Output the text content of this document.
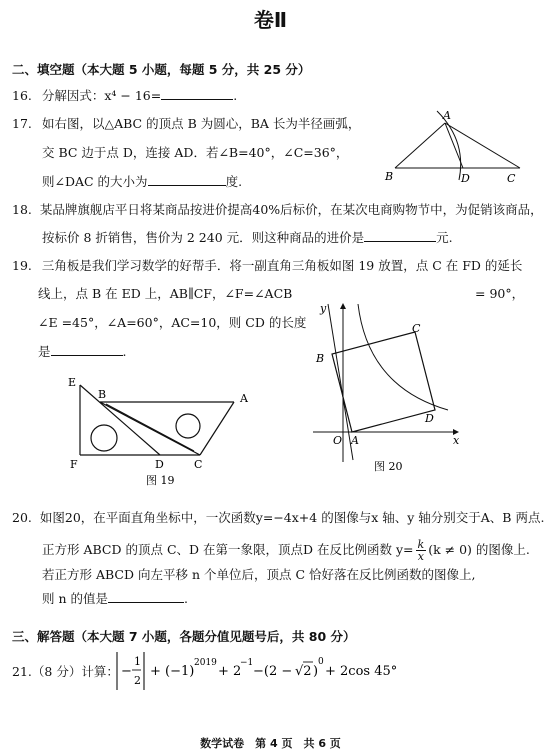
卷Ⅱ
二、填空题（本大题 5 小题，每题 5 分，共 25 分）
16. 分解因式：x⁴ − 16=	.
17. 如右图，以△ABC 的顶点 B 为圆心，BA 长为半径画弧，
交 BC 边于点 D，连接 AD．若∠B=40°，∠C=36°，
则∠DAC 的大小为	度.
A
B	D	C
18. 某品牌旗舰店平日将某商品按进价提高40%后标价，在某次电商购物节中，为促销该商品，
按标价 8 折销售，售价为 2 240 元．则这种商品的进价是	元.
19. 三角板是我们学习数学的好帮手．将一副直角三角板如图 19 放置，点 C 在 FD 的延长
线上，点 B 在 ED 上，AB∥CF，∠F=∠ACB	= 90°，
∠E =45°，∠A=60°，AC=10，则 CD 的长度
是	.
E
B	A
F	D	C
图 19
y
x
O A
B
C
D
图 20
20. 如图20，在平面直角坐标中，一次函数y=−4x+4 的图像与x 轴、y 轴分别交于A、B 两点.
正方形 ABCD 的顶点 C、D 在第一象限，顶点D 在反比例函数 $y= \frac{k}{x} (k \ne 0)$ 的图像上.
若正方形 ABCD 向左平移 n 个单位后，顶点 C 恰好落在反比例函数的图像上,
则 n 的值是	.
三、解答题（本大题 7 小题，各题分值见题号后，共 80 分）
21.（8 分）计算： −
1
2
+ (−1)
2019
+ 2
−1
−(2 − √2 )
0
+ 2cos 45°
数学试卷　第 4 页　共 6 页
